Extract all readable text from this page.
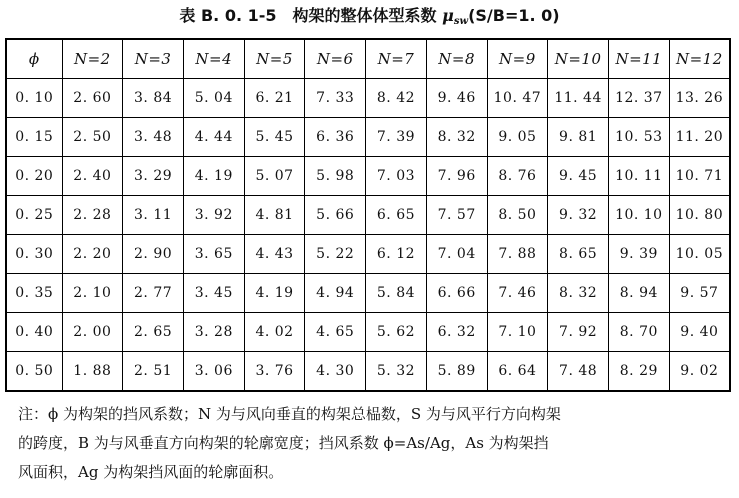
表 B. 0. 1-5　构架的整体体型系数 $\mu_{sw}(S/B=1$. 0)
ϕ	N=2	N=3	N=4	N=5	N=6	N=7	N=8	N=9	N=10	N=11	N=12
0. 10	2. 60	3. 84	5. 04	6. 21	7. 33	8. 42	9. 46	10. 47	11. 44	12. 37	13. 26
0. 15	2. 50	3. 48	4. 44	5. 45	6. 36	7. 39	8. 32	9. 05	9. 81	10. 53	11. 20
0. 20	2. 40	3. 29	4. 19	5. 07	5. 98	7. 03	7. 96	8. 76	9. 45	10. 11	10. 71
0. 25	2. 28	3. 11	3. 92	4. 81	5. 66	6. 65	7. 57	8. 50	9. 32	10. 10	10. 80
0. 30	2. 20	2. 90	3. 65	4. 43	5. 22	6. 12	7. 04	7. 88	8. 65	9. 39	10. 05
0. 35	2. 10	2. 77	3. 45	4. 19	4. 94	5. 84	6. 66	7. 46	8. 32	8. 94	9. 57
0. 40	2. 00	2. 65	3. 28	4. 02	4. 65	5. 62	6. 32	7. 10	7. 92	8. 70	9. 40
0. 50	1. 88	2. 51	3. 06	3. 76	4. 30	5. 32	5. 89	6. 64	7. 48	8. 29	9. 02

注：ϕ 为构架的挡风系数；N 为与风向垂直的构架总榀数，S 为与风平行方向构架

的跨度，B 为与风垂直方向构架的轮廓宽度；挡风系数 ϕ=As/Ag，As 为构架挡

风面积，Ag 为构架挡风面的轮廓面积。
